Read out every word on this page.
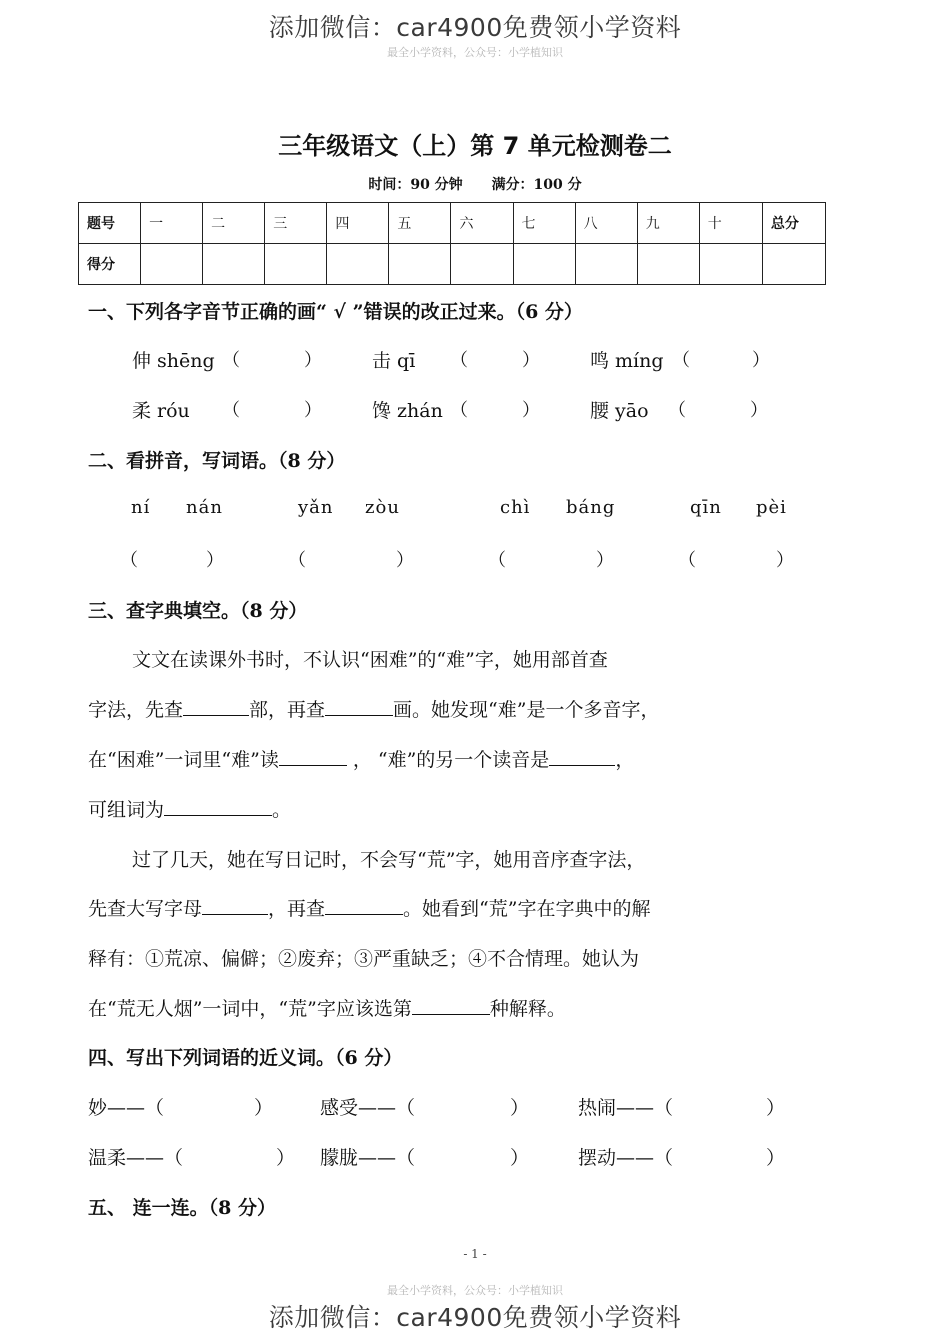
添加微信：car4900免费领小学资料
最全小学资料，公众号：小学植知识
三年级语文（上）第 7 单元检测卷二
时间：90 分钟 满分：100 分
题号	一	二	三	四	五	六	七	八	九	十	总分
得分											
一、下列各字音节正确的画“ √ ”错误的改正过来。（6 分）
伸 shēng （	）	击 qī （	）	鸣 míng （	）
柔 róu （	）	馋 zhán （	）	腰 yāo （	）
二、看拼音，写词语。（8 分）
ní nán	yǎn zòu	chì báng	qīn pèi
（	）	（	）	（	）	（	）
三、查字典填空。（8 分）
文文在读课外书时，不认识“困难”的“难”字，她用部首查
字法，先查	部，再查	画。她发现“难”是一个多音字，
在“困难”一词里“难”读	， “难”的另一个读音是	，
可组词为	。
过了几天，她在写日记时，不会写“荒”字，她用音序查字法，
先查大写字母	，再查	。她看到“荒”字在字典中的解
释有：①荒凉、偏僻；②废弃；③严重缺乏；④不合情理。她认为
在“荒无人烟”一词中，“荒”字应该选第	种解释。
四、写出下列词语的近义词。（6 分）
妙——（	） 感受——（	）	热闹——（	）
温柔——（	） 朦胧——（	）	摆动——（	）
五、 连一连。（8 分）
- 1 -
最全小学资料，公众号：小学植知识
添加微信：car4900免费领小学资料
